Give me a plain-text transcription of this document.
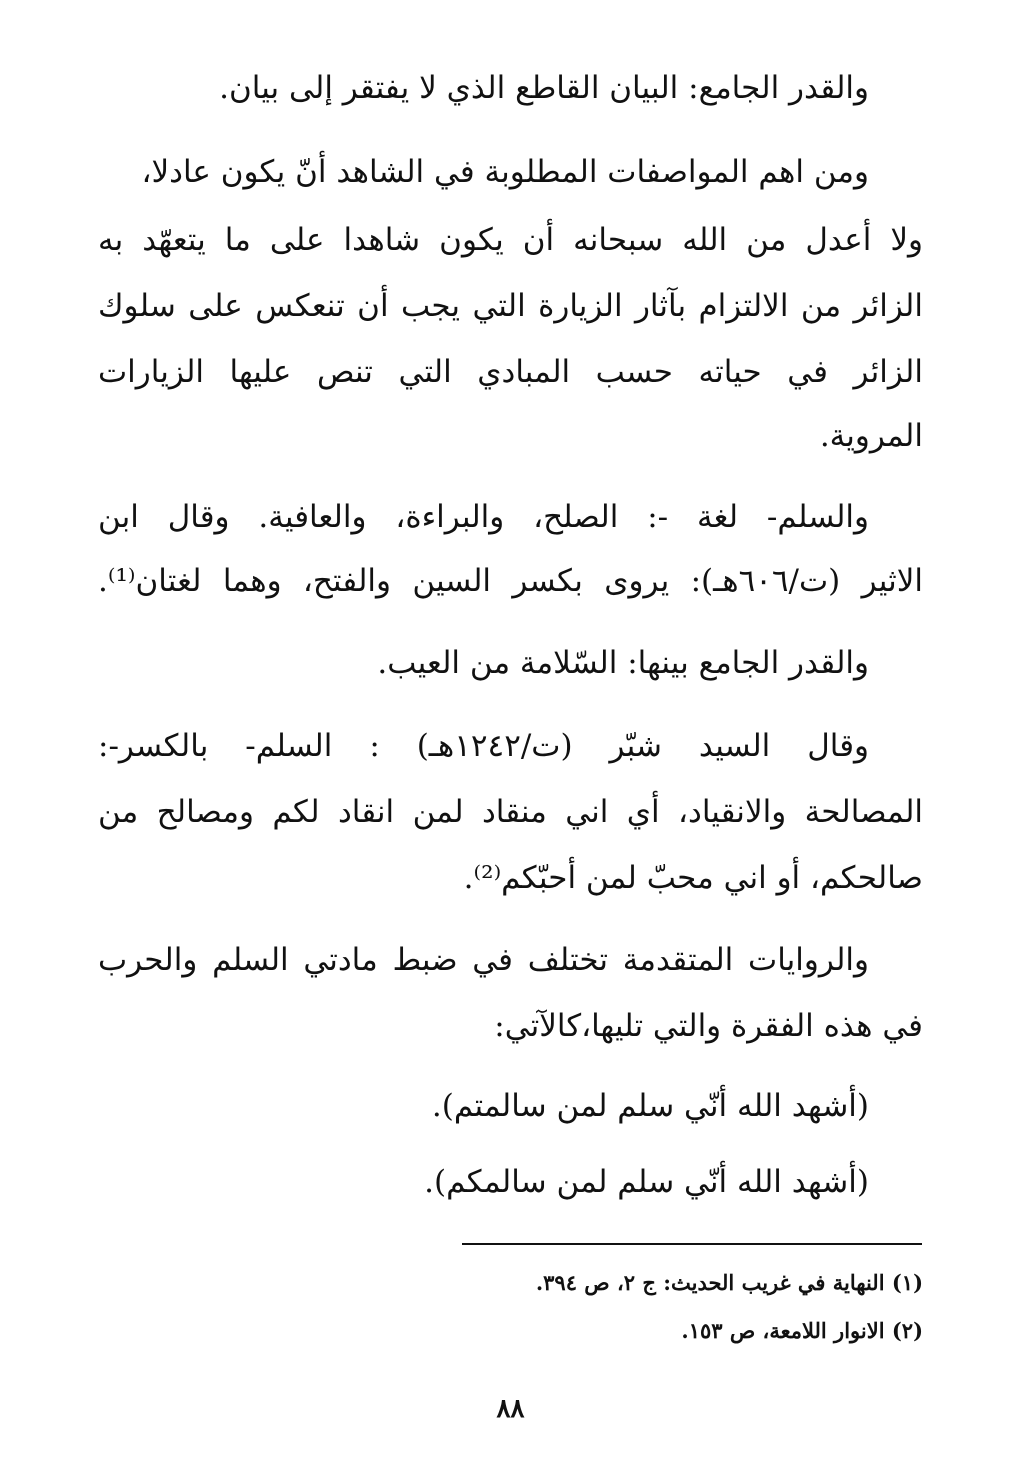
والقدر الجامع: البيان القاطع الذي لا يفتقر إلى بيان.
ومن اهم المواصفات المطلوبة في الشاهد أنّ يكون عادلا،
ولا أعدل من الله سبحانه أن يكون شاهدا على ما يتعهّد به
الزائر من الالتزام بآثار الزيارة التي يجب أن تنعكس على سلوك
الزائر في حياته حسب المبادي التي تنص عليها الزيارات
المروية.
والسلم- لغة -: الصلح، والبراءة، والعافية. وقال ابن
الاثير (ت/٦٠٦هـ): يروى بكسر السين والفتح، وهما لغتان⁽¹⁾.
والقدر الجامع بينها: السّلامة من العيب.
وقال السيد شبّر (ت/١٢٤٢هـ) : السلم- بالكسر-:
المصالحة والانقياد، أي اني منقاد لمن انقاد لكم ومصالح من
صالحكم، أو اني محبّ لمن أحبّكم⁽²⁾.
والروايات المتقدمة تختلف في ضبط مادتي السلم والحرب
في هذه الفقرة والتي تليها،كالآتي:
(أشهد الله أنّي سلم لمن سالمتم).
(أشهد الله أنّي سلم لمن سالمكم).
(١) النهاية في غريب الحديث: ج ٢، ص ٣٩٤.
(٢) الانوار اللامعة، ص ١٥٣.
٨٨
